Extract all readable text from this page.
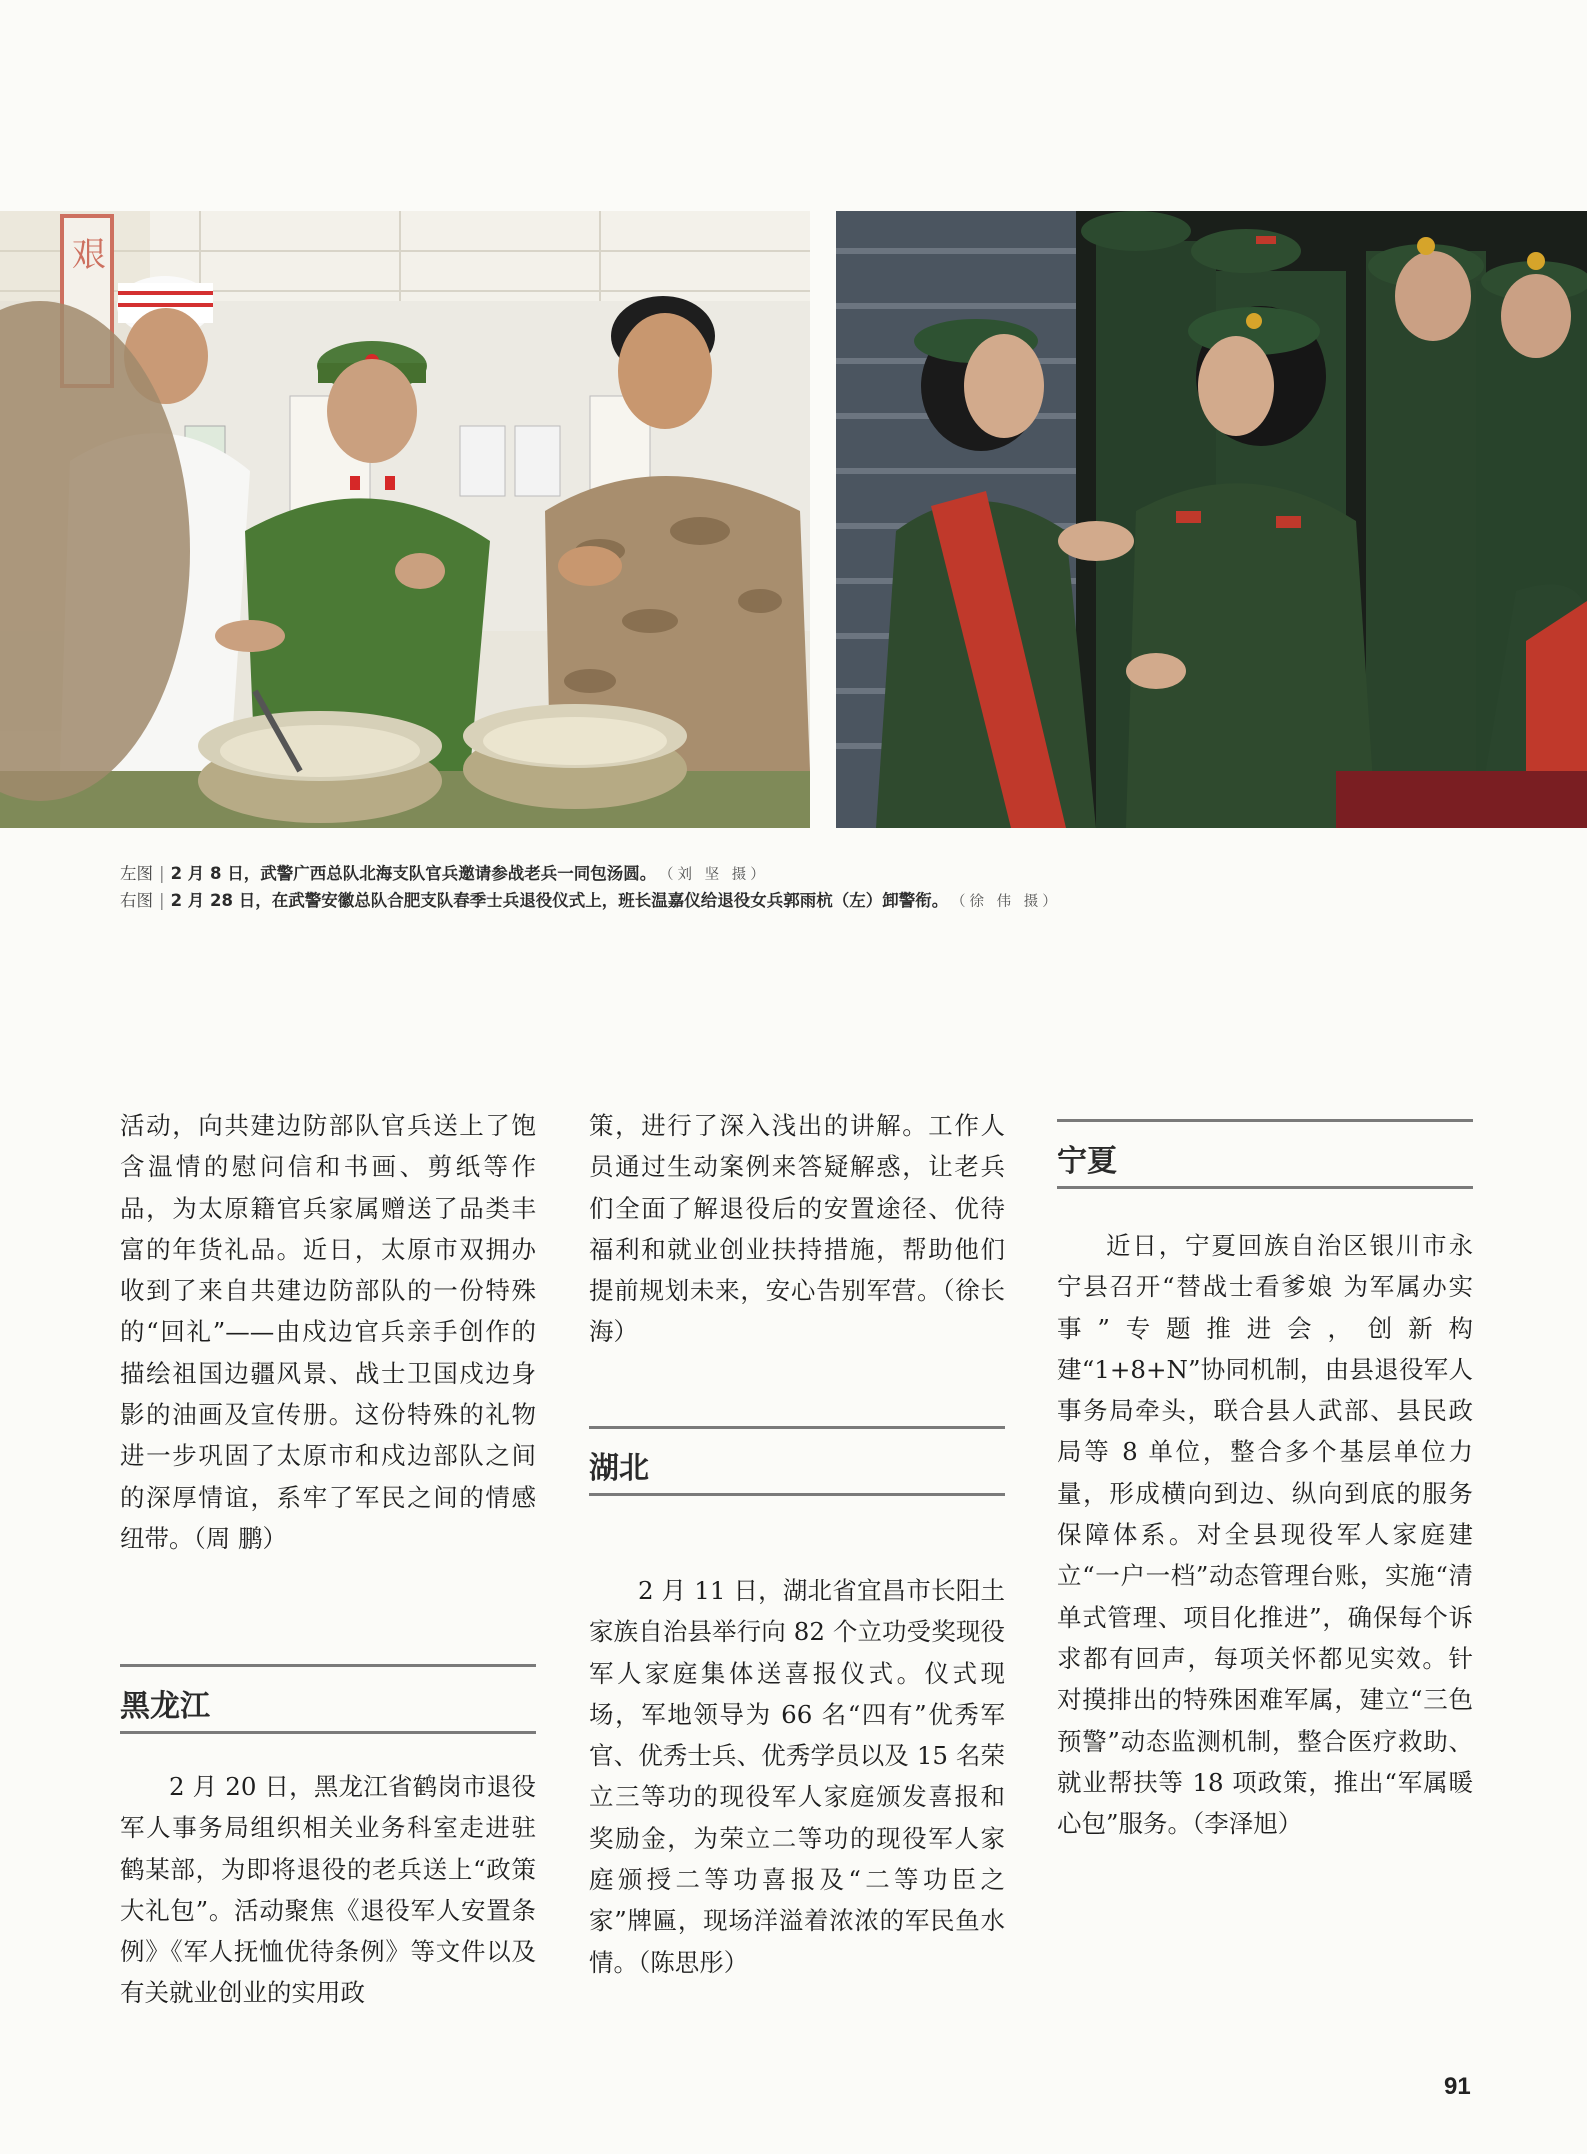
艰
左图 | 2 月 8 日，武警广西总队北海支队官兵邀请参战老兵一同包汤圆。 （刘 坚 摄）
右图 | 2 月 28 日，在武警安徽总队合肥支队春季士兵退役仪式上，班长温嘉仪给退役女兵郭雨杭（左）卸警衔。 （徐 伟 摄）

活动，向共建边防部队官兵送上了饱含温情的慰问信和书画、剪纸等作品，为太原籍官兵家属赠送了品类丰富的年货礼品。近日，太原市双拥办收到了来自共建边防部队的一份特殊的“回礼”——由戍边官兵亲手创作的描绘祖国边疆风景、战士卫国戍边身影的油画及宣传册。这份特殊的礼物进一步巩固了太原市和戍边部队之间的深厚情谊，系牢了军民之间的情感纽带。（周 鹏）

黑龙江

2 月 20 日，黑龙江省鹤岗市退役军人事务局组织相关业务科室走进驻鹤某部，为即将退役的老兵送上“政策大礼包”。活动聚焦《退役军人安置条例》《军人抚恤优待条例》等文件以及有关就业创业的实用政

策，进行了深入浅出的讲解。工作人员通过生动案例来答疑解惑，让老兵们全面了解退役后的安置途径、优待福利和就业创业扶持措施，帮助他们提前规划未来，安心告别军营。（徐长海）

湖北

2 月 11 日，湖北省宜昌市长阳土家族自治县举行向 82 个立功受奖现役军人家庭集体送喜报仪式。仪式现场，军地领导为 66 名“四有”优秀军官、优秀士兵、优秀学员以及 15 名荣立三等功的现役军人家庭颁发喜报和奖励金，为荣立二等功的现役军人家庭颁授二等功喜报及“二等功臣之家”牌匾，现场洋溢着浓浓的军民鱼水情。（陈思彤）

宁夏

近日，宁夏回族自治区银川市永宁县召开“替战士看爹娘 为军属办实事”专题推进会，创新构建“1+8+N”协同机制，由县退役军人事务局牵头，联合县人武部、县民政局等 8 单位，整合多个基层单位力量，形成横向到边、纵向到底的服务保障体系。对全县现役军人家庭建立“一户一档”动态管理台账，实施“清单式管理、项目化推进”，确保每个诉求都有回声，每项关怀都见实效。针对摸排出的特殊困难军属，建立“三色预警”动态监测机制，整合医疗救助、就业帮扶等 18 项政策，推出“军属暖心包”服务。（李泽旭）

91
